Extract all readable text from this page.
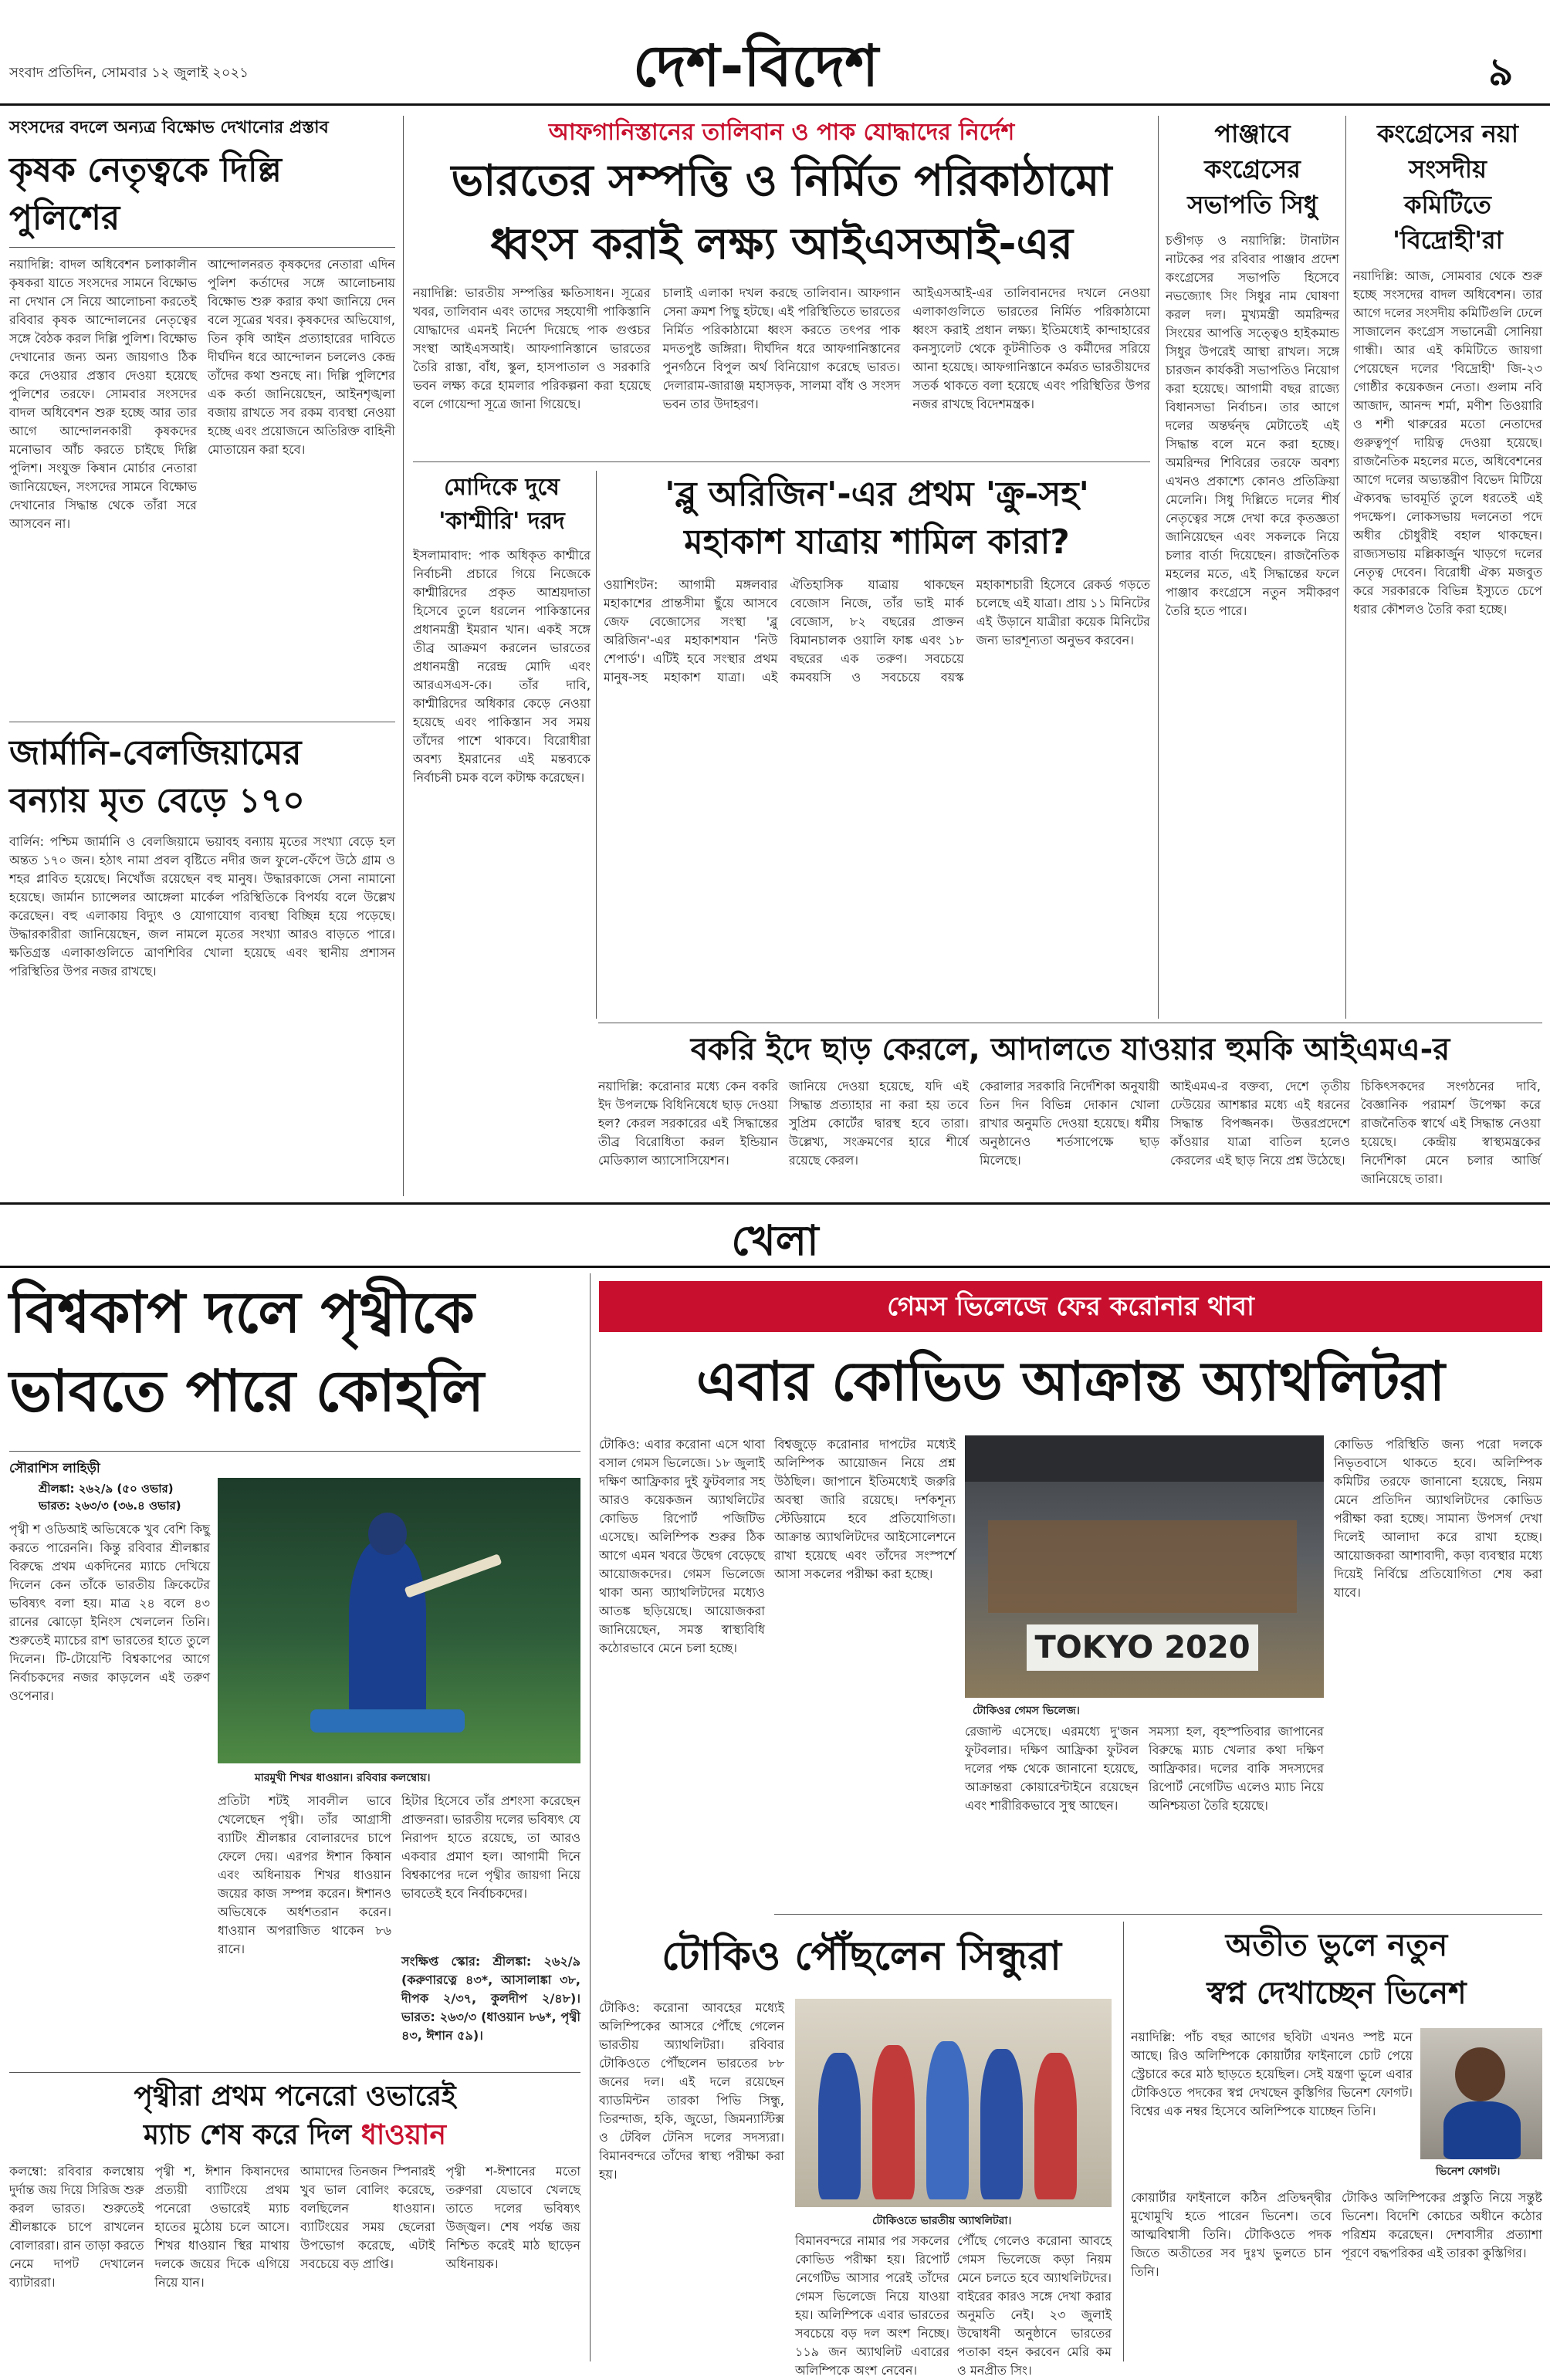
সংবাদ প্রতিদিন, সোমবার ১২ জুলাই ২০২১	দেশ-বিদেশ	৯
সংসদের বদলে অন্যত্র বিক্ষোভ দেখানোর প্রস্তাব
কৃষক নেতৃত্বকে দিল্লি পুলিশের
নয়াদিল্লি: বাদল অধিবেশন চলাকালীন কৃষকরা যাতে সংসদের সামনে বিক্ষোভ না দেখান সে নিয়ে আলোচনা করতেই রবিবার কৃষক আন্দোলনের নেতৃত্বের সঙ্গে বৈঠক করল দিল্লি পুলিশ। বিক্ষোভ দেখানোর জন্য অন্য জায়গাও ঠিক করে দেওয়ার প্রস্তাব দেওয়া হয়েছে পুলিশের তরফে। সোমবার সংসদের বাদল অধিবেশন শুরু হচ্ছে আর তার আগে আন্দোলনকারী কৃষকদের মনোভাব আঁচ করতে চাইছে দিল্লি পুলিশ। সংযুক্ত কিষান মোর্চার নেতারা জানিয়েছেন, সংসদের সামনে বিক্ষোভ দেখানোর সিদ্ধান্ত থেকে তাঁরা সরে আসবেন না।
আন্দোলনরত কৃষকদের নেতারা এদিন পুলিশ কর্তাদের সঙ্গে আলোচনায় বিক্ষোভ শুরু করার কথা জানিয়ে দেন বলে সূত্রের খবর। কৃষকদের অভিযোগ, তিন কৃষি আইন প্রত্যাহারের দাবিতে দীর্ঘদিন ধরে আন্দোলন চললেও কেন্দ্র তাঁদের কথা শুনছে না। দিল্লি পুলিশের এক কর্তা জানিয়েছেন, আইনশৃঙ্খলা বজায় রাখতে সব রকম ব্যবস্থা নেওয়া হচ্ছে এবং প্রয়োজনে অতিরিক্ত বাহিনী মোতায়েন করা হবে।
জার্মানি-বেলজিয়ামের
বন্যায় মৃত বেড়ে ১৭০
বার্লিন: পশ্চিম জার্মানি ও বেলজিয়ামে ভয়াবহ বন্যায় মৃতের সংখ্যা বেড়ে হল অন্তত ১৭০ জন। হঠাৎ নামা প্রবল বৃষ্টিতে নদীর জল ফুলে-ফেঁপে উঠে গ্রাম ও শহর প্লাবিত হয়েছে। নিখোঁজ রয়েছেন বহু মানুষ। উদ্ধারকাজে সেনা নামানো হয়েছে। জার্মান চ্যান্সেলর আঙ্গেলা মার্কেল পরিস্থিতিকে বিপর্যয় বলে উল্লেখ করেছেন। বহু এলাকায় বিদ্যুৎ ও যোগাযোগ ব্যবস্থা বিচ্ছিন্ন হয়ে পড়েছে। উদ্ধারকারীরা জানিয়েছেন, জল নামলে মৃতের সংখ্যা আরও বাড়তে পারে। ক্ষতিগ্রস্ত এলাকাগুলিতে ত্রাণশিবির খোলা হয়েছে এবং স্থানীয় প্রশাসন পরিস্থিতির উপর নজর রাখছে।
আফগানিস্তানের তালিবান ও পাক যোদ্ধাদের নির্দেশ
ভারতের সম্পত্তি ও নির্মিত পরিকাঠামো
ধ্বংস করাই লক্ষ্য আইএসআই-এর
নয়াদিল্লি: ভারতীয় সম্পত্তির ক্ষতিসাধন। সূত্রের খবর, তালিবান এবং তাদের সহযোগী পাকিস্তানি যোদ্ধাদের এমনই নির্দেশ দিয়েছে পাক গুপ্তচর সংস্থা আইএসআই। আফগানিস্তানে ভারতের তৈরি রাস্তা, বাঁধ, স্কুল, হাসপাতাল ও সরকারি ভবন লক্ষ্য করে হামলার পরিকল্পনা করা হয়েছে বলে গোয়েন্দা সূত্রে জানা গিয়েছে।
চালাই এলাকা দখল করছে তালিবান। আফগান সেনা ক্রমশ পিছু হটছে। এই পরিস্থিতিতে ভারতের নির্মিত পরিকাঠামো ধ্বংস করতে তৎপর পাক মদতপুষ্ট জঙ্গিরা। দীর্ঘদিন ধরে আফগানিস্তানের পুনর্গঠনে বিপুল অর্থ বিনিয়োগ করেছে ভারত। দেলারাম-জারাঞ্জ মহাসড়ক, সালমা বাঁধ ও সংসদ ভবন তার উদাহরণ।
আইএসআই-এর তালিবানদের দখলে নেওয়া এলাকাগুলিতে ভারতের নির্মিত পরিকাঠামো ধ্বংস করাই প্রধান লক্ষ্য। ইতিমধ্যেই কান্দাহারের কনস্যুলেট থেকে কূটনীতিক ও কর্মীদের সরিয়ে আনা হয়েছে। আফগানিস্তানে কর্মরত ভারতীয়দের সতর্ক থাকতে বলা হয়েছে এবং পরিস্থিতির উপর নজর রাখছে বিদেশমন্ত্রক।
মোদিকে দুষে
'কাশ্মীরি' দরদ
ইসলামাবাদ: পাক অধিকৃত কাশ্মীরে নির্বাচনী প্রচারে গিয়ে নিজেকে কাশ্মীরিদের প্রকৃত আশ্রয়দাতা হিসেবে তুলে ধরলেন পাকিস্তানের প্রধানমন্ত্রী ইমরান খান। একই সঙ্গে তীব্র আক্রমণ করলেন ভারতের প্রধানমন্ত্রী নরেন্দ্র মোদি এবং আরএসএস-কে। তাঁর দাবি, কাশ্মীরিদের অধিকার কেড়ে নেওয়া হয়েছে এবং পাকিস্তান সব সময় তাঁদের পাশে থাকবে। বিরোধীরা অবশ্য ইমরানের এই মন্তব্যকে নির্বাচনী চমক বলে কটাক্ষ করেছেন।
'ব্লু অরিজিন'-এর প্রথম 'ক্রু-সহ'
মহাকাশ যাত্রায় শামিল কারা?
ওয়াশিংটন: আগামী মঙ্গলবার মহাকাশের প্রান্তসীমা ছুঁয়ে আসবে জেফ বেজোসের সংস্থা 'ব্লু অরিজিন'-এর মহাকাশযান 'নিউ শেপার্ড'। এটিই হবে সংস্থার প্রথম মানুষ-সহ মহাকাশ যাত্রা। এই ঐতিহাসিক যাত্রায় থাকছেন বেজোস নিজে, তাঁর ভাই মার্ক বেজোস, ৮২ বছরের প্রাক্তন বিমানচালক ওয়ালি ফাঙ্ক এবং ১৮ বছরের এক তরুণ। সবচেয়ে কমবয়সি ও সবচেয়ে বয়স্ক মহাকাশচারী হিসেবে রেকর্ড গড়তে চলেছে এই যাত্রা। প্রায় ১১ মিনিটের এই উড়ানে যাত্রীরা কয়েক মিনিটের জন্য ভারশূন্যতা অনুভব করবেন।
পাঞ্জাবে
কংগ্রেসের
সভাপতি সিধু
চণ্ডীগড় ও নয়াদিল্লি: টানাটান নাটকের পর রবিবার পাঞ্জাব প্রদেশ কংগ্রেসের সভাপতি হিসেবে নভজ্যোৎ সিং সিধুর নাম ঘোষণা করল দল। মুখ্যমন্ত্রী অমরিন্দর সিংয়ের আপত্তি সত্ত্বেও হাইকমান্ড সিধুর উপরেই আস্থা রাখল। সঙ্গে চারজন কার্যকরী সভাপতিও নিয়োগ করা হয়েছে। আগামী বছর রাজ্যে বিধানসভা নির্বাচন। তার আগে দলের অন্তর্দ্বন্দ্ব মেটাতেই এই সিদ্ধান্ত বলে মনে করা হচ্ছে। অমরিন্দর শিবিরের তরফে অবশ্য এখনও প্রকাশ্যে কোনও প্রতিক্রিয়া মেলেনি। সিধু দিল্লিতে দলের শীর্ষ নেতৃত্বের সঙ্গে দেখা করে কৃতজ্ঞতা জানিয়েছেন এবং সকলকে নিয়ে চলার বার্তা দিয়েছেন। রাজনৈতিক মহলের মতে, এই সিদ্ধান্তের ফলে পাঞ্জাব কংগ্রেসে নতুন সমীকরণ তৈরি হতে পারে।
কংগ্রেসের নয়া
সংসদীয়
কমিটিতে
'বিদ্রোহী'রা
নয়াদিল্লি: আজ, সোমবার থেকে শুরু হচ্ছে সংসদের বাদল অধিবেশন। তার আগে দলের সংসদীয় কমিটিগুলি ঢেলে সাজালেন কংগ্রেস সভানেত্রী সোনিয়া গান্ধী। আর এই কমিটিতে জায়গা পেয়েছেন দলের 'বিদ্রোহী' জি-২৩ গোষ্ঠীর কয়েকজন নেতা। গুলাম নবি আজাদ, আনন্দ শর্মা, মণীশ তিওয়ারি ও শশী থারুরের মতো নেতাদের গুরুত্বপূর্ণ দায়িত্ব দেওয়া হয়েছে। রাজনৈতিক মহলের মতে, অধিবেশনের আগে দলের অভ্যন্তরীণ বিভেদ মিটিয়ে ঐক্যবদ্ধ ভাবমূর্তি তুলে ধরতেই এই পদক্ষেপ। লোকসভায় দলনেতা পদে অধীর চৌধুরীই বহাল থাকছেন। রাজ্যসভায় মল্লিকার্জুন খাড়গে দলের নেতৃত্ব দেবেন। বিরোধী ঐক্য মজবুত করে সরকারকে বিভিন্ন ইস্যুতে চেপে ধরার কৌশলও তৈরি করা হচ্ছে।
বকরি ইদে ছাড় কেরলে, আদালতে যাওয়ার হুমকি আইএমএ-র
নয়াদিল্লি: করোনার মধ্যে কেন বকরি ইদ উপলক্ষে বিধিনিষেধে ছাড় দেওয়া হল? কেরল সরকারের এই সিদ্ধান্তের তীব্র বিরোধিতা করল ইন্ডিয়ান মেডিক্যাল অ্যাসোসিয়েশন।
জানিয়ে দেওয়া হয়েছে, যদি এই সিদ্ধান্ত প্রত্যাহার না করা হয় তবে সুপ্রিম কোর্টের দ্বারস্থ হবে তারা। উল্লেখ্য, সংক্রমণের হারে শীর্ষে রয়েছে কেরল।
কেরালার সরকারি নির্দেশিকা অনুযায়ী তিন দিন বিভিন্ন দোকান খোলা রাখার অনুমতি দেওয়া হয়েছে। ধর্মীয় অনুষ্ঠানেও শর্তসাপেক্ষে ছাড় মিলেছে।
আইএমএ-র বক্তব্য, দেশে তৃতীয় ঢেউয়ের আশঙ্কার মধ্যে এই ধরনের সিদ্ধান্ত বিপজ্জনক। উত্তরপ্রদেশে কাঁওয়ার যাত্রা বাতিল হলেও কেরলের এই ছাড় নিয়ে প্রশ্ন উঠেছে।
চিকিৎসকদের সংগঠনের দাবি, বৈজ্ঞানিক পরামর্শ উপেক্ষা করে রাজনৈতিক স্বার্থে এই সিদ্ধান্ত নেওয়া হয়েছে। কেন্দ্রীয় স্বাস্থ্যমন্ত্রকের নির্দেশিকা মেনে চলার আর্জি জানিয়েছে তারা।
খেলা
বিশ্বকাপ দলে পৃথ্বীকে
ভাবতে পারে কোহলি
সৌরাশিস লাহিড়ী
শ্রীলঙ্কা: ২৬২/৯ (৫০ ওভার)
ভারত: ২৬৩/৩ (৩৬.৪ ওভার)
পৃথ্বী শ ওডিআই অভিষেকে খুব বেশি কিছু করতে পারেননি। কিন্তু রবিবার শ্রীলঙ্কার বিরুদ্ধে প্রথম একদিনের ম্যাচে দেখিয়ে দিলেন কেন তাঁকে ভারতীয় ক্রিকেটের ভবিষ্যৎ বলা হয়। মাত্র ২৪ বলে ৪৩ রানের ঝোড়ো ইনিংস খেললেন তিনি। শুরুতেই ম্যাচের রাশ ভারতের হাতে তুলে দিলেন। টি-টোয়েন্টি বিশ্বকাপের আগে নির্বাচকদের নজর কাড়লেন এই তরুণ ওপেনার।
মারমুখী শিখর ধাওয়ান। রবিবার কলম্বোয়।
প্রতিটা শটই সাবলীল ভাবে খেলেছেন পৃথ্বী। তাঁর আগ্রাসী ব্যাটিং শ্রীলঙ্কার বোলারদের চাপে ফেলে দেয়। এরপর ঈশান কিষান এবং অধিনায়ক শিখর ধাওয়ান জয়ের কাজ সম্পন্ন করেন। ঈশানও অভিষেকে অর্ধশতরান করেন। ধাওয়ান অপরাজিত থাকেন ৮৬ রানে।
হিটার হিসেবে তাঁর প্রশংসা করেছেন প্রাক্তনরা। ভারতীয় দলের ভবিষ্যৎ যে নিরাপদ হাতে রয়েছে, তা আরও একবার প্রমাণ হল। আগামী দিনে বিশ্বকাপের দলে পৃথ্বীর জায়গা নিয়ে ভাবতেই হবে নির্বাচকদের।
সংক্ষিপ্ত স্কোর: শ্রীলঙ্কা: ২৬২/৯ (করুণারত্নে ৪৩*, আসালাঙ্কা ৩৮, দীপক ২/৩৭, কুলদীপ ২/৪৮)। ভারত: ২৬৩/৩ (ধাওয়ান ৮৬*, পৃথ্বী ৪৩, ঈশান ৫৯)।
পৃথ্বীরা প্রথম পনেরো ওভারেই
ম্যাচ শেষ করে দিল ধাওয়ান
কলম্বো: রবিবার কলম্বোয় দুর্দান্ত জয় দিয়ে সিরিজ শুরু করল ভারত। শুরুতেই শ্রীলঙ্কাকে চাপে রাখলেন বোলাররা। রান তাড়া করতে নেমে দাপট দেখালেন ব্যাটাররা।
পৃথ্বী শ, ঈশান কিষানদের প্রত্যয়ী ব্যাটিংয়ে প্রথম পনেরো ওভারেই ম্যাচ হাতের মুঠোয় চলে আসে। শিখর ধাওয়ান স্থির মাথায় দলকে জয়ের দিকে এগিয়ে নিয়ে যান।
আমাদের তিনজন স্পিনারই খুব ভাল বোলিং করেছে, বলছিলেন ধাওয়ান। ব্যাটিংয়ের সময় ছেলেরা উপভোগ করেছে, এটাই সবচেয়ে বড় প্রাপ্তি।
পৃথ্বী শ-ঈশানের মতো তরুণরা যেভাবে খেলছে তাতে দলের ভবিষ্যৎ উজ্জ্বল। শেষ পর্যন্ত জয় নিশ্চিত করেই মাঠ ছাড়েন অধিনায়ক।
গেমস ভিলেজে ফের করোনার থাবা
এবার কোভিড আক্রান্ত অ্যাথলিটরা
টোকিও: এবার করোনা এসে থাবা বসাল গেমস ভিলেজে। ১৮ জুলাই দক্ষিণ আফ্রিকার দুই ফুটবলার সহ আরও কয়েকজন অ্যাথলিটের কোভিড রিপোর্ট পজিটিভ এসেছে। অলিম্পিক শুরুর ঠিক আগে এমন খবরে উদ্বেগ বেড়েছে আয়োজকদের। গেমস ভিলেজে থাকা অন্য অ্যাথলিটদের মধ্যেও আতঙ্ক ছড়িয়েছে। আয়োজকরা জানিয়েছেন, সমস্ত স্বাস্থ্যবিধি কঠোরভাবে মেনে চলা হচ্ছে।
বিশ্বজুড়ে করোনার দাপটের মধ্যেই অলিম্পিক আয়োজন নিয়ে প্রশ্ন উঠছিল। জাপানে ইতিমধ্যেই জরুরি অবস্থা জারি রয়েছে। দর্শকশূন্য স্টেডিয়ামে হবে প্রতিযোগিতা। আক্রান্ত অ্যাথলিটদের আইসোলেশনে রাখা হয়েছে এবং তাঁদের সংস্পর্শে আসা সকলের পরীক্ষা করা হচ্ছে।
TOKYO 2020
টোকিওর গেমস ভিলেজ।
রেজাল্ট এসেছে। এরমধ্যে দু'জন ফুটবলার। দক্ষিণ আফ্রিকা ফুটবল দলের পক্ষ থেকে জানানো হয়েছে, আক্রান্তরা কোয়ারেন্টাইনে রয়েছেন এবং শারীরিকভাবে সুস্থ আছেন।
সমস্যা হল, বৃহস্পতিবার জাপানের বিরুদ্ধে ম্যাচ খেলার কথা দক্ষিণ আফ্রিকার। দলের বাকি সদস্যদের রিপোর্ট নেগেটিভ এলেও ম্যাচ নিয়ে অনিশ্চয়তা তৈরি হয়েছে।
কোভিড পরিস্থিতি জন্য পরো দলকে নিভৃতবাসে থাকতে হবে। অলিম্পিক কমিটির তরফে জানানো হয়েছে, নিয়ম মেনে প্রতিদিন অ্যাথলিটদের কোভিড পরীক্ষা করা হচ্ছে। সামান্য উপসর্গ দেখা দিলেই আলাদা করে রাখা হচ্ছে। আয়োজকরা আশাবাদী, কড়া ব্যবস্থার মধ্যে দিয়েই নির্বিঘ্নে প্রতিযোগিতা শেষ করা যাবে।
টোকিও পৌঁছলেন সিন্ধুরা
টোকিও: করোনা আবহের মধ্যেই অলিম্পিকের আসরে পৌঁছে গেলেন ভারতীয় অ্যাথলিটরা। রবিবার টোকিওতে পৌঁছলেন ভারতের ৮৮ জনের দল। এই দলে রয়েছেন ব্যাডমিন্টন তারকা পিভি সিন্ধু, তিরন্দাজ, হকি, জুডো, জিমন্যাস্টিক্স ও টেবিল টেনিস দলের সদস্যরা। বিমানবন্দরে তাঁদের স্বাস্থ্য পরীক্ষা করা হয়।
টোকিওতে ভারতীয় অ্যাথলিটরা।
বিমানবন্দরে নামার পর সকলের কোভিড পরীক্ষা হয়। রিপোর্ট নেগেটিভ আসার পরেই তাঁদের গেমস ভিলেজে নিয়ে যাওয়া হয়। অলিম্পিকে এবার ভারতের সবচেয়ে বড় দল অংশ নিচ্ছে। ১১৯ জন অ্যাথলিট এবারের অলিম্পিকে অংশ নেবেন।
পৌঁছে গেলেও করোনা আবহে গেমস ভিলেজে কড়া নিয়ম মেনে চলতে হবে অ্যাথলিটদের। বাইরের কারও সঙ্গে দেখা করার অনুমতি নেই। ২৩ জুলাই উদ্বোধনী অনুষ্ঠানে ভারতের পতাকা বহন করবেন মেরি কম ও মনপ্রীত সিং।
অতীত ভুলে নতুন
স্বপ্ন দেখাচ্ছেন ভিনেশ
নয়াদিল্লি: পাঁচ বছর আগের ছবিটা এখনও স্পষ্ট মনে আছে। রিও অলিম্পিকে কোয়ার্টার ফাইনালে চোট পেয়ে স্ট্রেচারে করে মাঠ ছাড়তে হয়েছিল। সেই যন্ত্রণা ভুলে এবার টোকিওতে পদকের স্বপ্ন দেখছেন কুস্তিগির ভিনেশ ফোগট। বিশ্বের এক নম্বর হিসেবে অলিম্পিকে যাচ্ছেন তিনি।
ভিনেশ ফোগট।
কোয়ার্টার ফাইনালে কঠিন প্রতিদ্বন্দ্বীর মুখোমুখি হতে পারেন ভিনেশ। তবে আত্মবিশ্বাসী তিনি। টোকিওতে পদক জিতে অতীতের সব দুঃখ ভুলতে চান তিনি।
টোকিও অলিম্পিকের প্রস্তুতি নিয়ে সন্তুষ্ট ভিনেশ। বিদেশি কোচের অধীনে কঠোর পরিশ্রম করেছেন। দেশবাসীর প্রত্যাশা পূরণে বদ্ধপরিকর এই তারকা কুস্তিগির।
